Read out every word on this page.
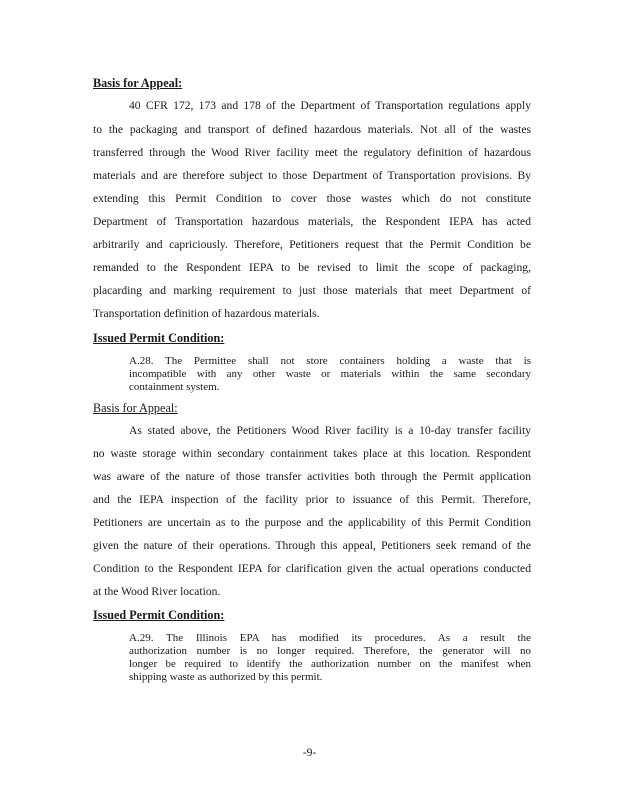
Basis for Appeal:
40 CFR 172, 173 and 178 of the Department of Transportation regulations apply
to the packaging and transport of defined hazardous materials. Not all of the wastes
transferred through the Wood River facility meet the regulatory definition of hazardous
materials and are therefore subject to those Department of Transportation provisions. By
extending this Permit Condition to cover those wastes which do not constitute
Department of Transportation hazardous materials, the Respondent IEPA has acted
arbitrarily and capriciously. Therefore, Petitioners request that the Permit Condition be
remanded to the Respondent IEPA to be revised to limit the scope of packaging,
placarding and marking requirement to just those materials that meet Department of
Transportation definition of hazardous materials.
Issued Permit Condition:
A.28. The Permittee shall not store containers holding a waste that is
incompatible with any other waste or materials within the same secondary
containment system.
Basis for Appeal:
As stated above, the Petitioners Wood River facility is a 10-day transfer facility
no waste storage within secondary containment takes place at this location. Respondent
was aware of the nature of those transfer activities both through the Permit application
and the IEPA inspection of the facility prior to issuance of this Permit. Therefore,
Petitioners are uncertain as to the purpose and the applicability of this Permit Condition
given the nature of their operations. Through this appeal, Petitioners seek remand of the
Condition to the Respondent IEPA for clarification given the actual operations conducted
at the Wood River location.
Issued Permit Condition:
A.29. The Illinois EPA has modified its procedures. As a result the
authorization number is no longer required. Therefore, the generator will no
longer be required to identify the authorization number on the manifest when
shipping waste as authorized by this permit.
-9-
